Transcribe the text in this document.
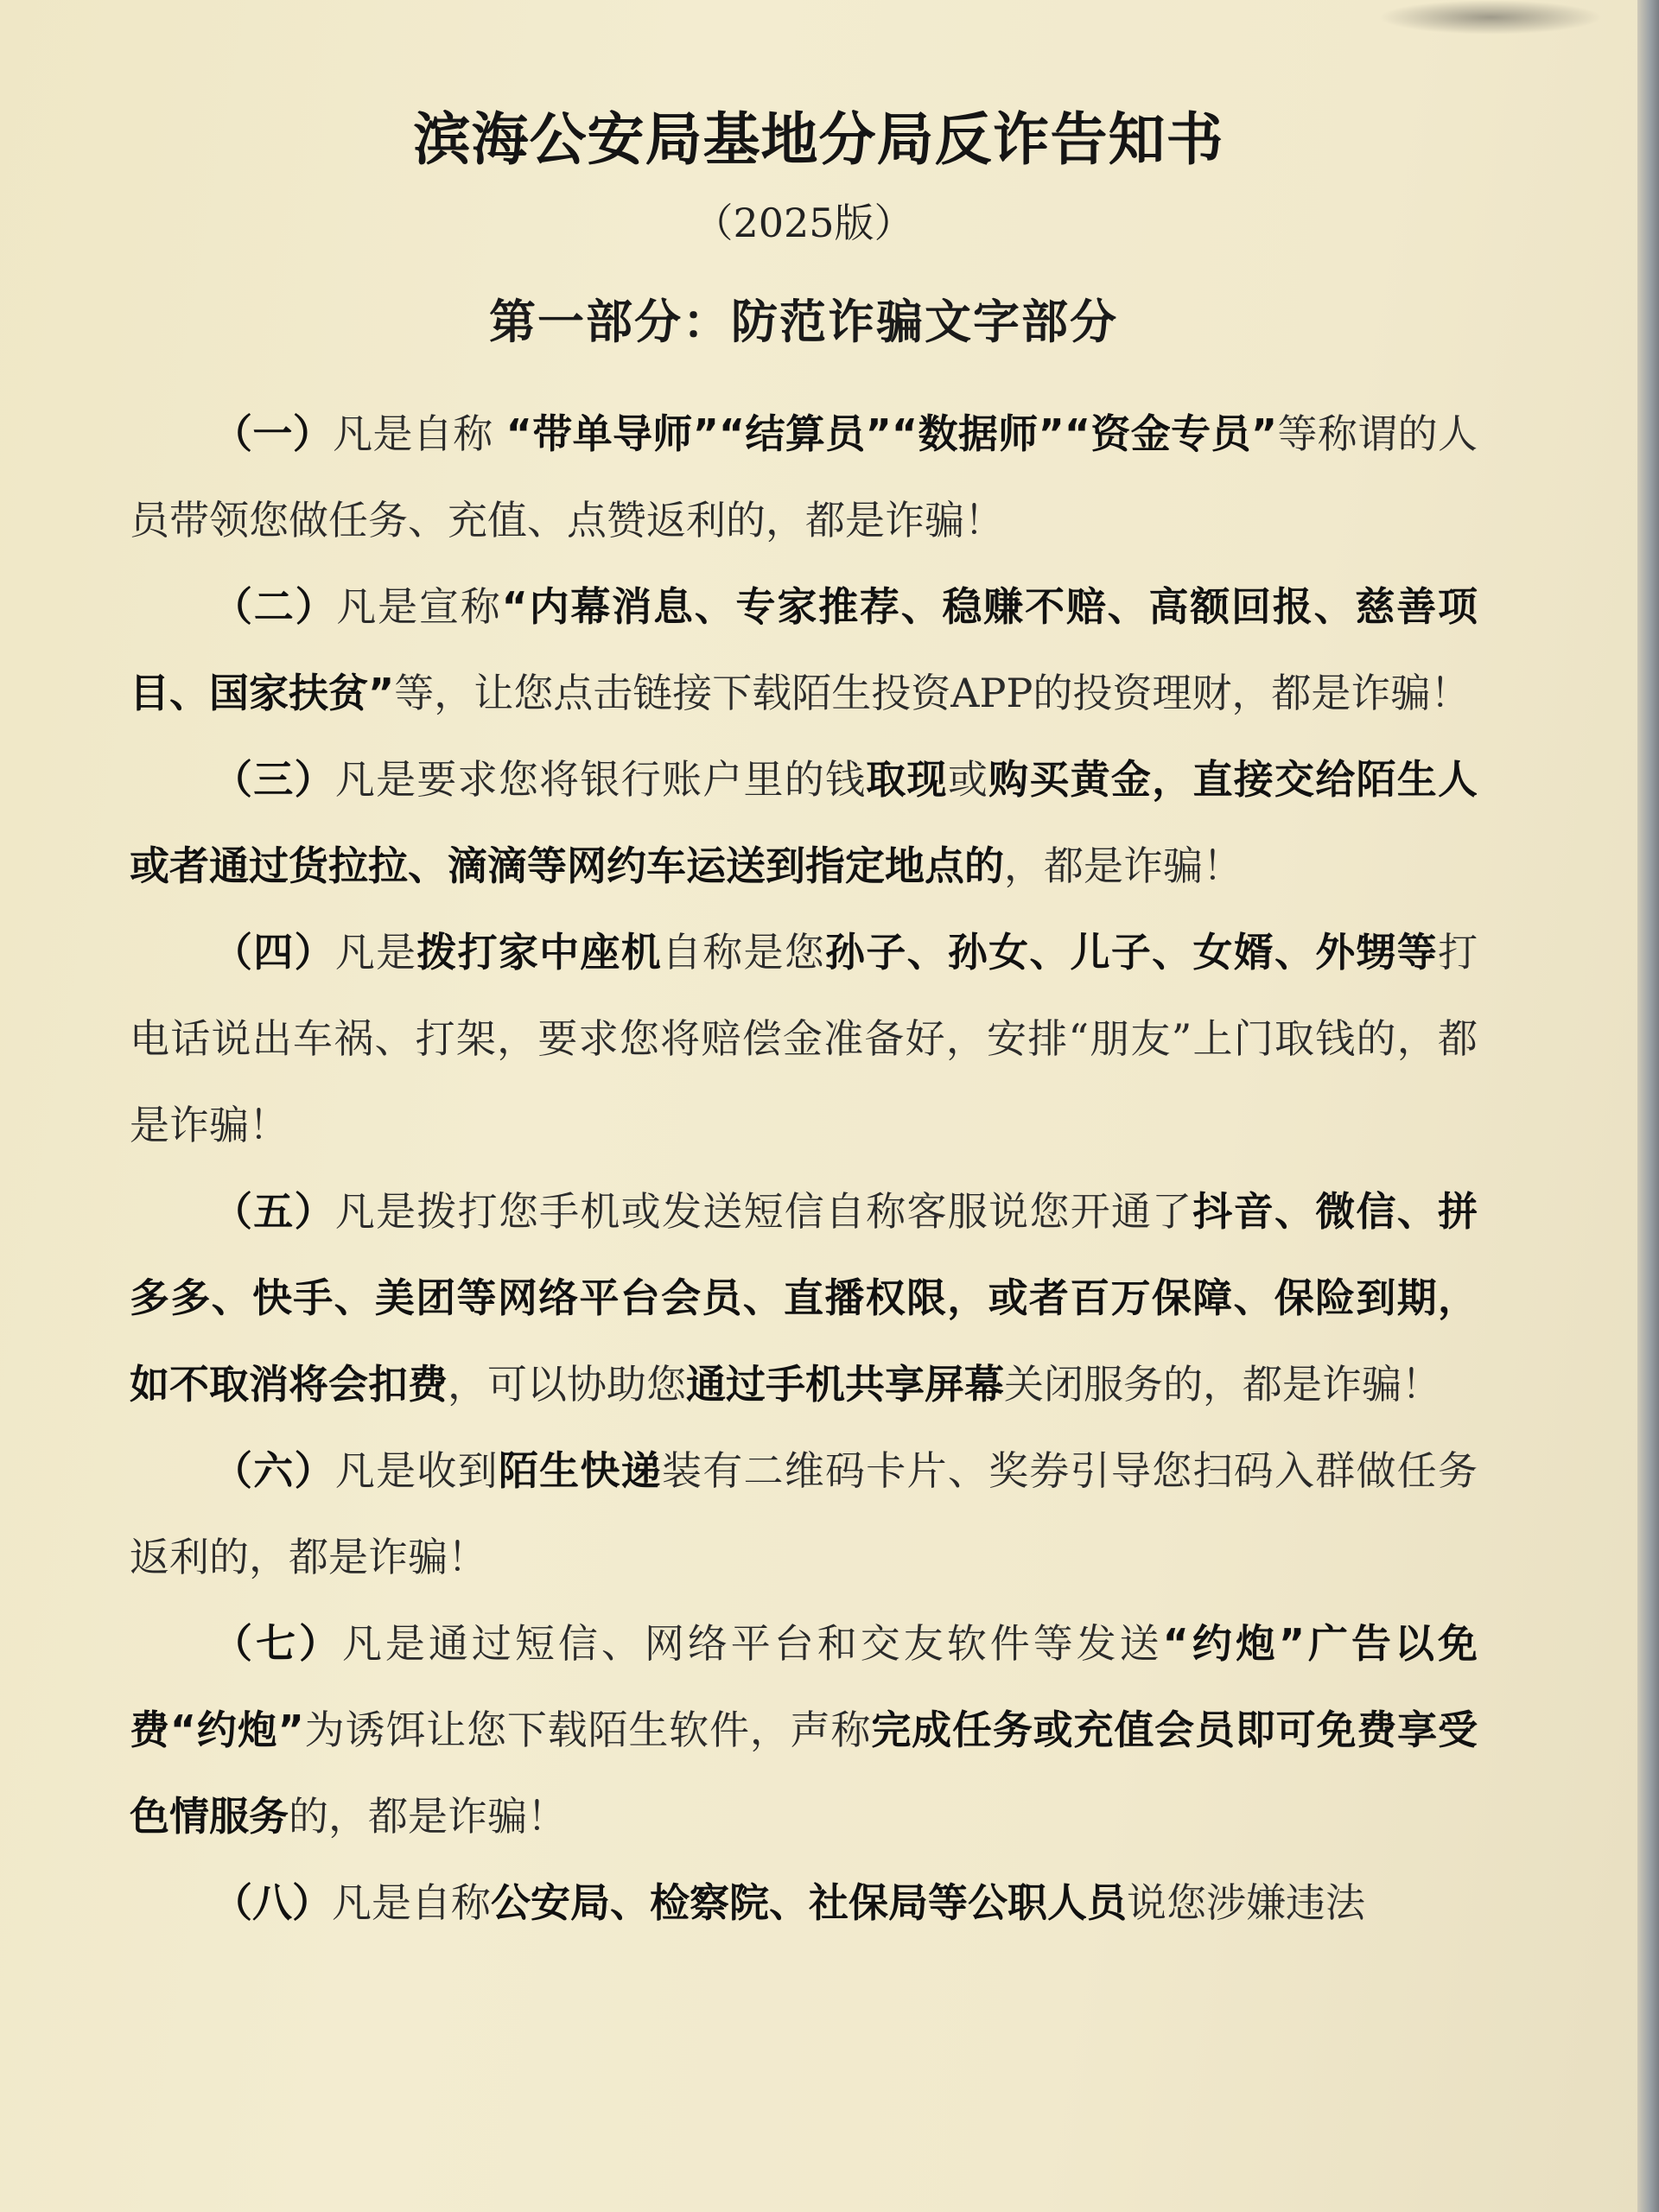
滨海公安局基地分局反诈告知书
（2025版）
第一部分：防范诈骗文字部分

（一）凡是自称 “带单导师”“结算员”“数据师”“资金专员”等称谓的人员带领您做任务、充值、点赞返利的，都是诈骗！

（二）凡是宣称“内幕消息、专家推荐、稳赚不赔、高额回报、慈善项目、国家扶贫”等，让您点击链接下载陌生投资APP的投资理财，都是诈骗！

（三）凡是要求您将银行账户里的钱取现或购买黄金，直接交给陌生人或者通过货拉拉、滴滴等网约车运送到指定地点的，都是诈骗！

（四）凡是拨打家中座机自称是您孙子、孙女、儿子、女婿、外甥等打电话说出车祸、打架，要求您将赔偿金准备好，安排“朋友”上门取钱的，都是诈骗！

（五）凡是拨打您手机或发送短信自称客服说您开通了抖音、微信、拼多多、快手、美团等网络平台会员、直播权限，或者百万保障、保险到期，如不取消将会扣费，可以协助您通过手机共享屏幕关闭服务的，都是诈骗！

（六）凡是收到陌生快递装有二维码卡片、奖券引导您扫码入群做任务返利的，都是诈骗！

（七）凡是通过短信、网络平台和交友软件等发送“约炮”广告以免费“约炮”为诱饵让您下载陌生软件，声称完成任务或充值会员即可免费享受色情服务的，都是诈骗！

（八）凡是自称公安局、检察院、社保局等公职人员说您涉嫌违法
